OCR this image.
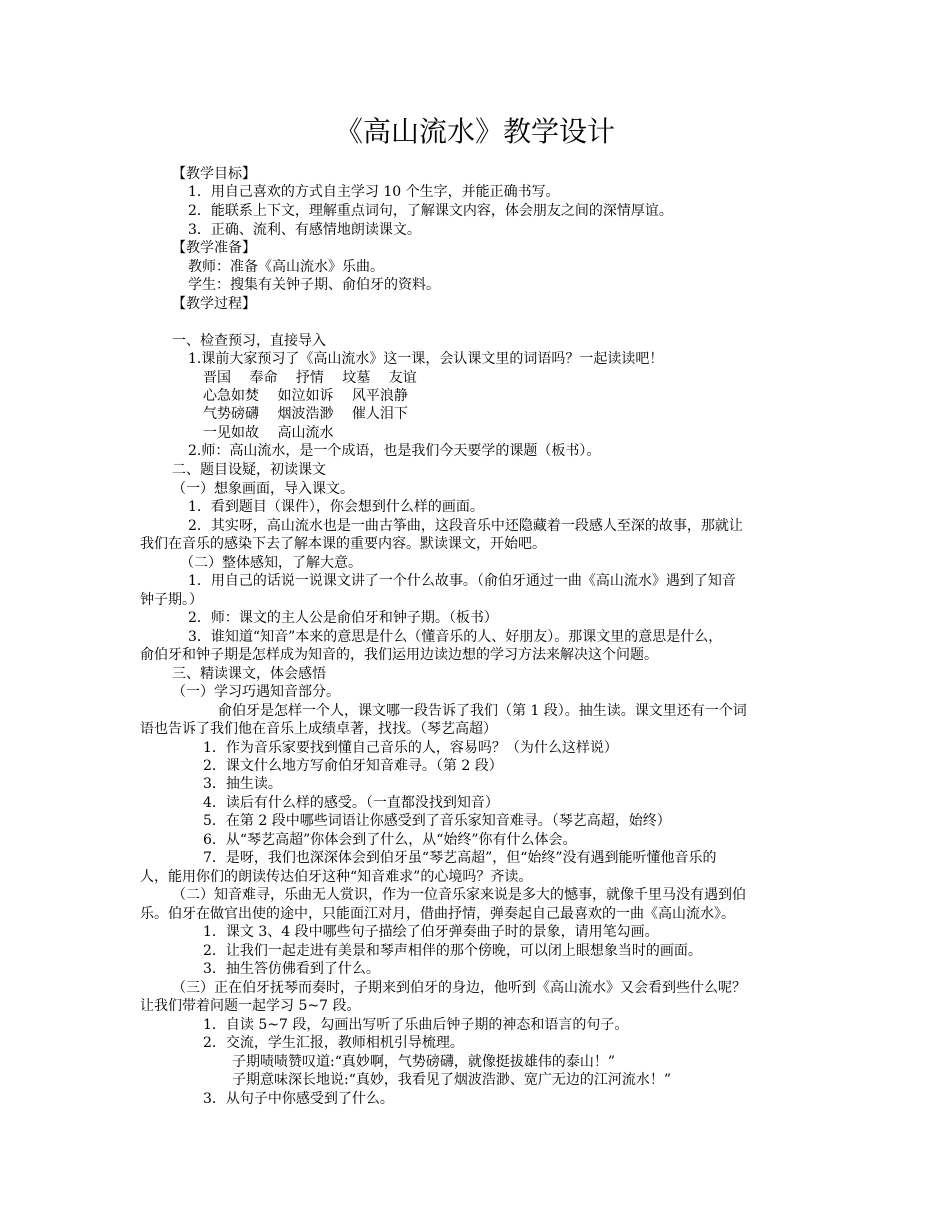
《高山流水》教学设计
【教学目标】
1．用自己喜欢的方式自主学习 10 个生字，并能正确书写。
2．能联系上下文，理解重点词句，了解课文内容，体会朋友之间的深情厚谊。
3．正确、流利、有感情地朗读课文。
【教学准备】
教师：准备《高山流水》乐曲。
学生：搜集有关钟子期、俞伯牙的资料。
【教学过程】
一、检查预习，直接导入
1.课前大家预习了《高山流水》这一课，会认课文里的词语吗？一起读读吧！
晋国　 奉命　 抒情　 坟墓　 友谊
心急如焚　 如泣如诉　 风平浪静
气势磅礴　 烟波浩渺　 催人泪下
一见如故　 高山流水
2.师：高山流水，是一个成语，也是我们今天要学的课题（板书）。
二、题目设疑，初读课文
（一）想象画面，导入课文。
1．看到题目（课件），你会想到什么样的画面。
2．其实呀，高山流水也是一曲古筝曲，这段音乐中还隐藏着一段感人至深的故事，那就让
我们在音乐的感染下去了解本课的重要内容。默读课文，开始吧。
（二）整体感知，了解大意。
1．用自己的话说一说课文讲了一个什么故事。（俞伯牙通过一曲《高山流水》遇到了知音
钟子期。）
2．师：课文的主人公是俞伯牙和钟子期。（板书）
3．谁知道“知音”本来的意思是什么（懂音乐的人、好朋友）。那课文里的意思是什么，
俞伯牙和钟子期是怎样成为知音的，我们运用边读边想的学习方法来解决这个问题。
三、精读课文，体会感悟
（一）学习巧遇知音部分。
俞伯牙是怎样一个人，课文哪一段告诉了我们（第 1 段）。抽生读。课文里还有一个词
语也告诉了我们他在音乐上成绩卓著，找找。（琴艺高超）
1．作为音乐家要找到懂自己音乐的人，容易吗？（为什么这样说）
2．课文什么地方写俞伯牙知音难寻。（第 2 段）
3．抽生读。
4．读后有什么样的感受。（一直都没找到知音）
5．在第 2 段中哪些词语让你感受到了音乐家知音难寻。（琴艺高超，始终）
6．从“琴艺高超”你体会到了什么，从“始终”你有什么体会。
7．是呀，我们也深深体会到伯牙虽“琴艺高超”，但“始终”没有遇到能听懂他音乐的
人，能用你们的朗读传达伯牙这种“知音难求”的心境吗？齐读。
（二）知音难寻，乐曲无人赏识，作为一位音乐家来说是多大的憾事，就像千里马没有遇到伯
乐。伯牙在做官出使的途中，只能面江对月，借曲抒情，弹奏起自己最喜欢的一曲《高山流水》。
1．课文 3、4 段中哪些句子描绘了伯牙弹奏曲子时的景象，请用笔勾画。
2．让我们一起走进有美景和琴声相伴的那个傍晚，可以闭上眼想象当时的画面。
3．抽生答仿佛看到了什么。
（三）正在伯牙抚琴而奏时，子期来到伯牙的身边，他听到《高山流水》又会看到些什么呢？
让我们带着问题一起学习 5~7 段。
1．自读 5~7 段，勾画出写听了乐曲后钟子期的神态和语言的句子。
2．交流，学生汇报，教师相机引导梳理。
子期啧啧赞叹道:“真妙啊，气势磅礴，就像挺拔雄伟的泰山！”
子期意味深长地说:“真妙，我看见了烟波浩渺、宽广无边的江河流水！”
3．从句子中你感受到了什么。
